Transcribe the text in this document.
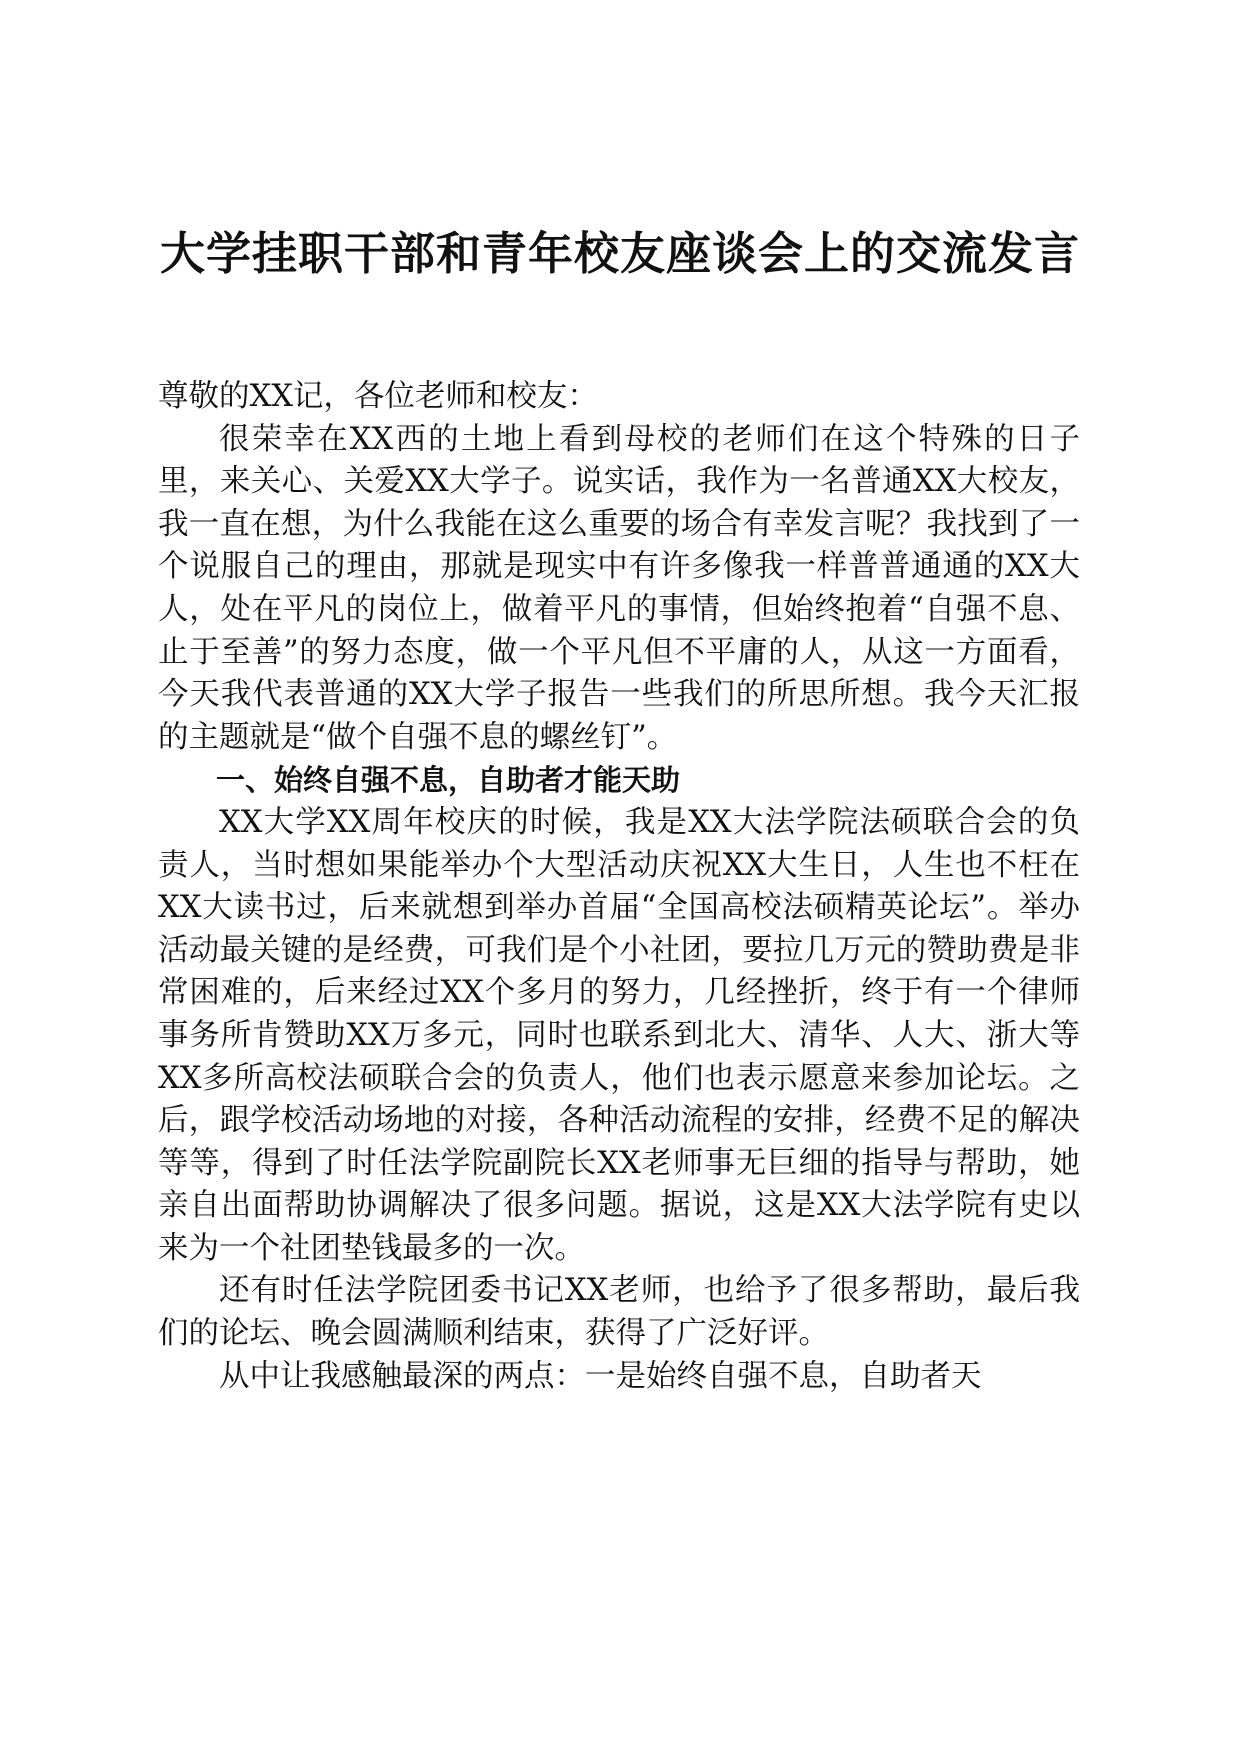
大学挂职干部和青年校友座谈会上的交流发言

尊敬的XX记，各位老师和校友：

很荣幸在XX西的土地上看到母校的老师们在这个特殊的日子里，来关心、关爱XX大学子。说实话，我作为一名普通XX大校友，我一直在想，为什么我能在这么重要的场合有幸发言呢？我找到了一个说服自己的理由，那就是现实中有许多像我一样普普通通的XX大人，处在平凡的岗位上，做着平凡的事情，但始终抱着“自强不息、止于至善”的努力态度，做一个平凡但不平庸的人，从这一方面看，今天我代表普通的XX大学子报告一些我们的所思所想。我今天汇报的主题就是“做个自强不息的螺丝钉”。

一、始终自强不息，自助者才能天助

XX大学XX周年校庆的时候，我是XX大法学院法硕联合会的负责人，当时想如果能举办个大型活动庆祝XX大生日，人生也不枉在XX大读书过，后来就想到举办首届“全国高校法硕精英论坛”。举办活动最关键的是经费，可我们是个小社团，要拉几万元的赞助费是非常困难的，后来经过XX个多月的努力，几经挫折，终于有一个律师事务所肯赞助XX万多元，同时也联系到北大、清华、人大、浙大等XX多所高校法硕联合会的负责人，他们也表示愿意来参加论坛。之后，跟学校活动场地的对接，各种活动流程的安排，经费不足的解决等等，得到了时任法学院副院长XX老师事无巨细的指导与帮助，她亲自出面帮助协调解决了很多问题。据说，这是XX大法学院有史以来为一个社团垫钱最多的一次。

还有时任法学院团委书记XX老师，也给予了很多帮助，最后我们的论坛、晚会圆满顺利结束，获得了广泛好评。

从中让我感触最深的两点：一是始终自强不息，自助者天
